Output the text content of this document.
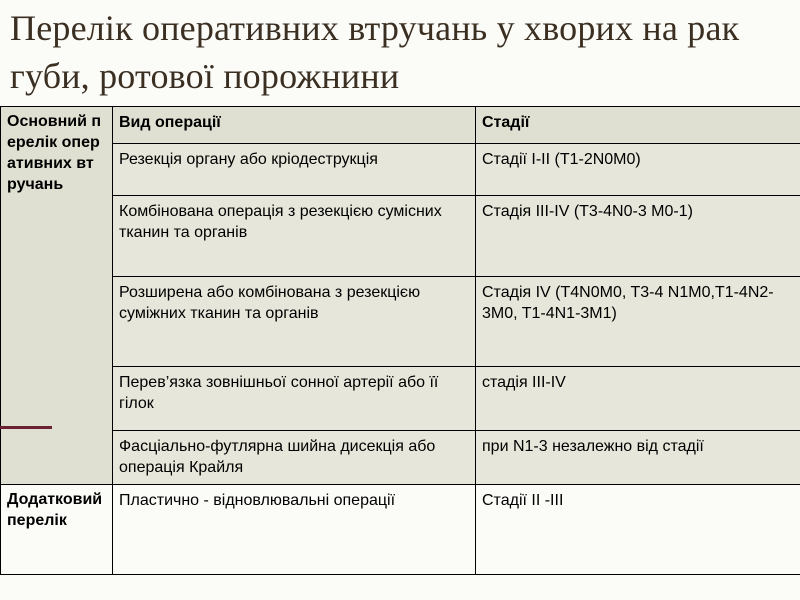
Перелік оперативних втручань у хворих на рак губи, ротової порожнини
Основний перелік оперативних втручань	Вид операції	Стадії
	Резекція органу або кріодеструкція	Стадії І-ІІ (Т1-2N0M0)
	Комбінована операція з резекцією сумісних тканин та органів	Стадія ІІІ-IV (T3-4N0-3 M0-1)
	Розширена або комбінована з резекцією суміжних тканин та органів	Стадія IV (T4N0M0, T3-4 N1M0,T1-4N2-3M0, T1-4N1-3M1)
	Перев’язка зовнішньої сонної артерії або її гілок	стадія ІІІ-IV
	Фасціально-футлярна шийна дисекція або операція Крайля	при N1-3 незалежно від стадії

Додатковий перелік	Пластично - відновлювальні операції	Стадії ІІ -ІІІ
